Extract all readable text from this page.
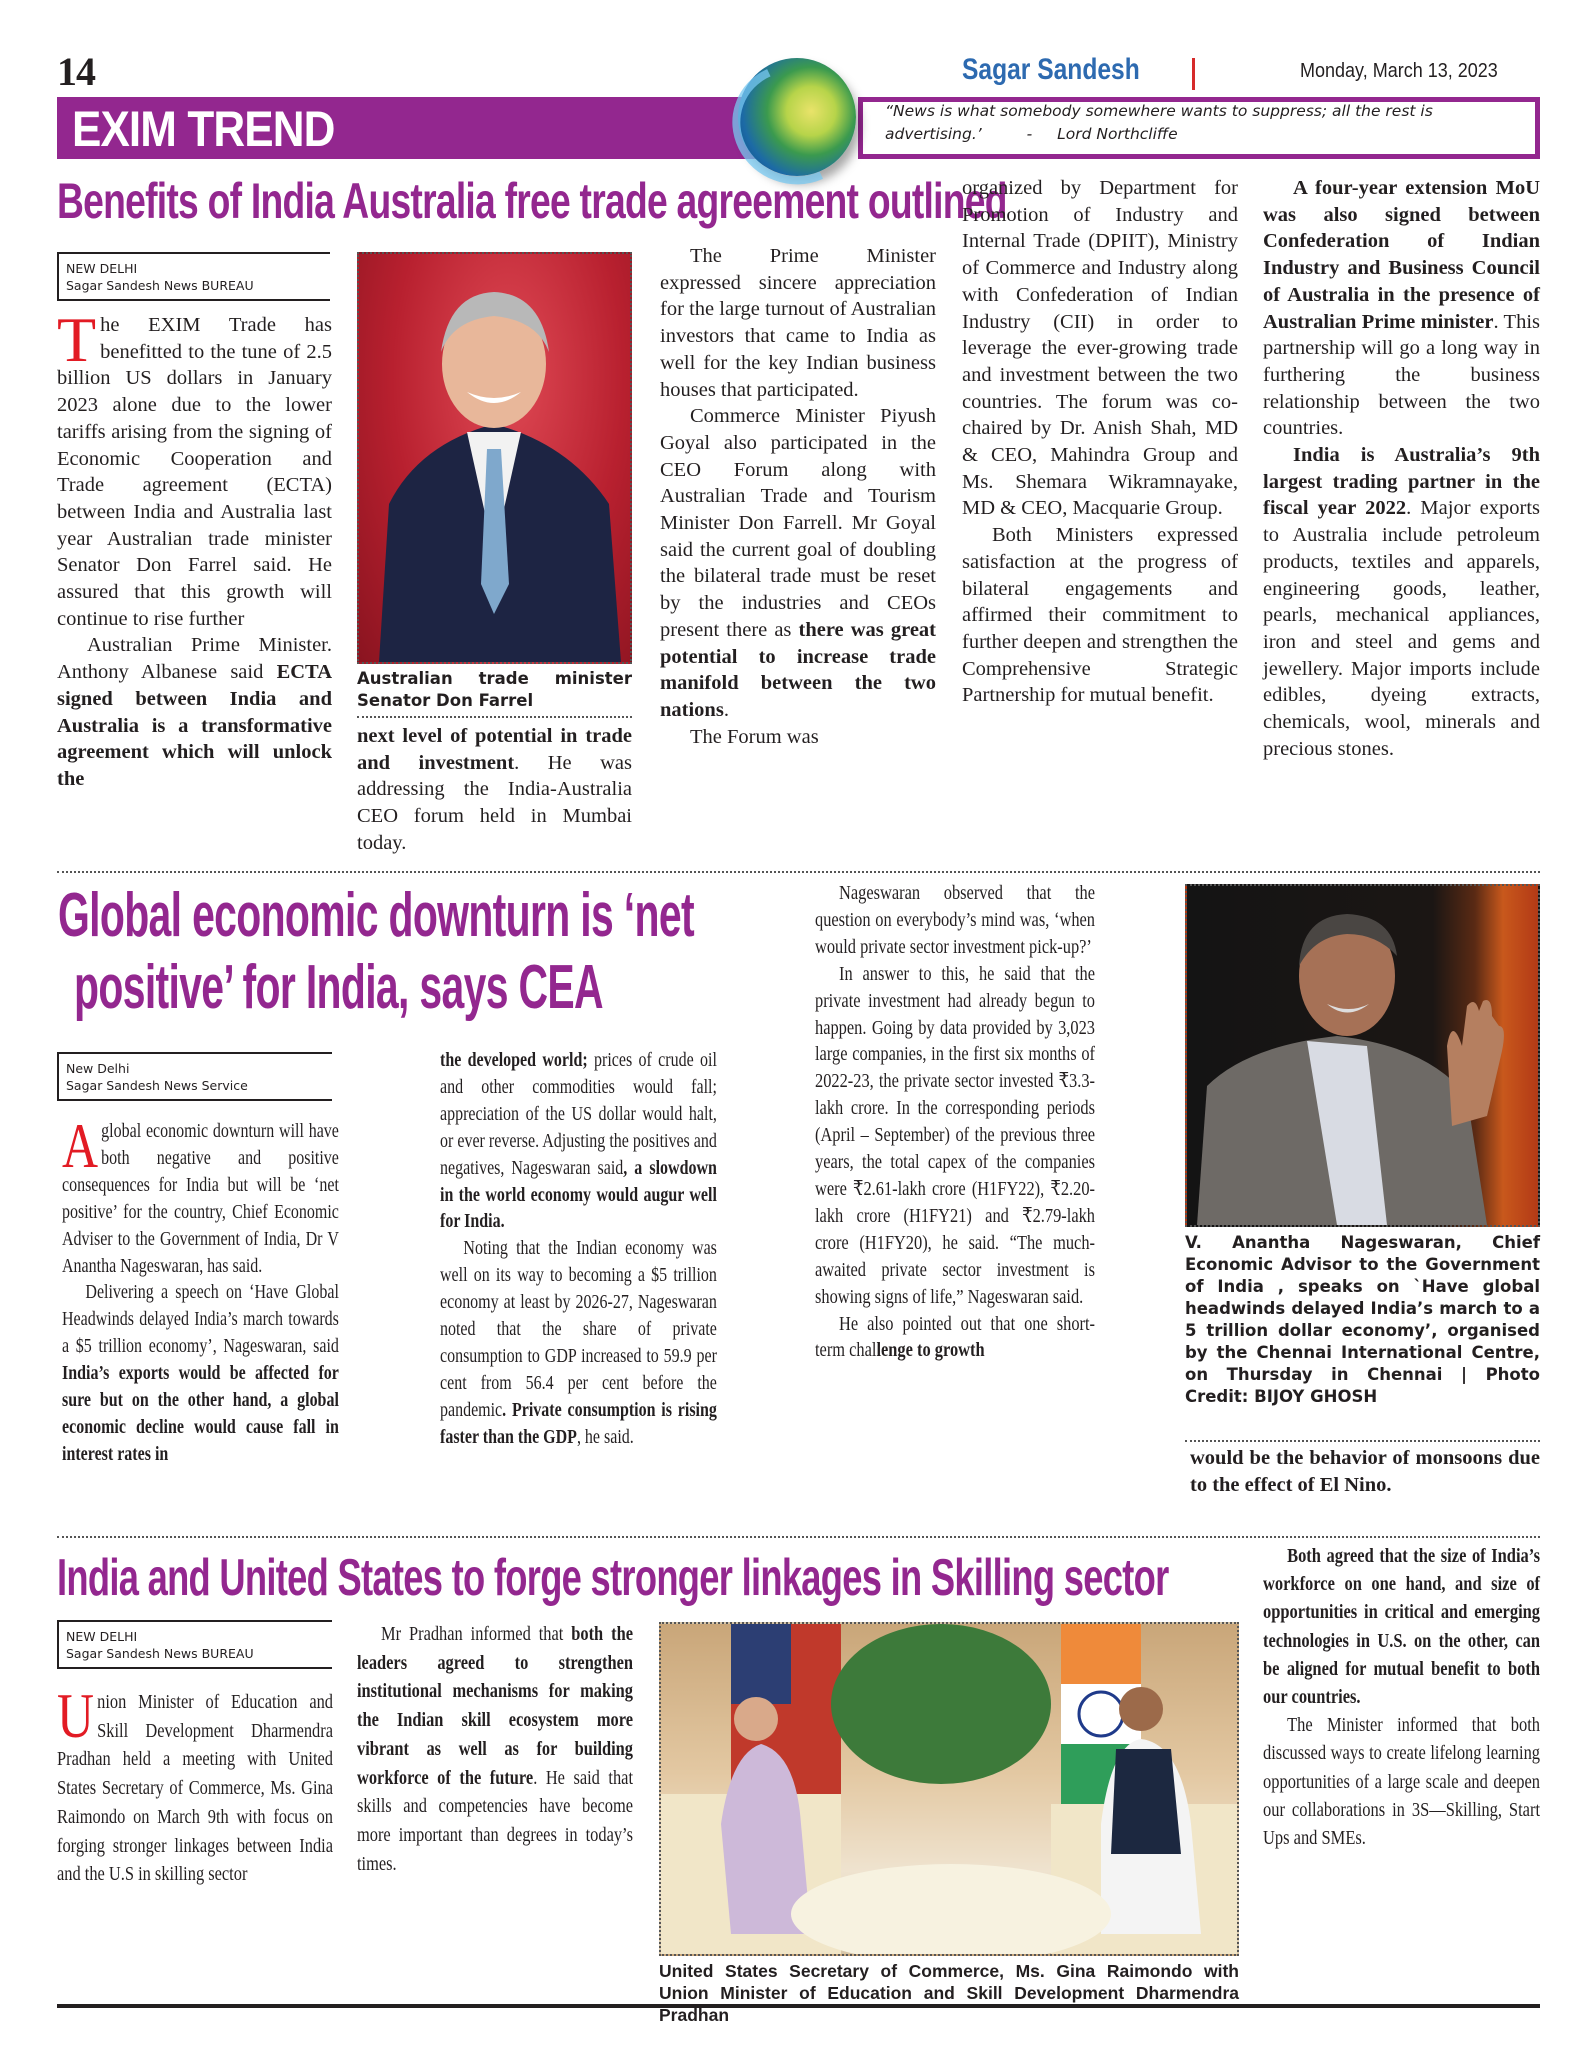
14
EXIM TREND	“News is what somebody somewhere wants to suppress; all the rest is advertising.’	- Lord Northcliffe
Sagar Sandesh	Monday, March 13, 2023
Benefits of India Australia free trade agreement outlined
NEW DELHI
Sagar Sandesh News BUREAU

The EXIM Trade has benefitted to the tune of 2.5 billion US dollars in January 2023 alone due to the lower tariffs arising from the signing of Economic Cooperation and Trade agreement (ECTA) between India and Australia last year Australian trade minister Senator Don Farrel said. He assured that this growth will continue to rise further

Australian Prime Minister. Anthony Albanese said ECTA signed between India and Australia is a transformative agreement which will unlock the

Australian trade minister Senator Don Farrel

next level of potential in trade and investment. He was addressing the India-Australia CEO forum held in Mumbai today.

The Prime Minister expressed sincere appreciation for the large turnout of Australian investors that came to India as well for the key Indian business houses that participated.

Commerce Minister Piyush Goyal also participated in the CEO Forum along with Australian Trade and Tourism Minister Don Farrell. Mr Goyal said the current goal of doubling the bilateral trade must be reset by the industries and CEOs present there as there was great potential to increase trade manifold between the two nations.

The Forum was

organized by Department for Promotion of Industry and Internal Trade (DPIIT), Ministry of Commerce and Industry along with Confederation of Indian Industry (CII) in order to leverage the ever-growing trade and investment between the two countries. The forum was co-chaired by Dr. Anish Shah, MD & CEO, Mahindra Group and Ms. Shemara Wikramnayake, MD & CEO, Macquarie Group.

Both Ministers expressed satisfaction at the progress of bilateral engagements and affirmed their commitment to further deepen and strengthen the Comprehensive Strategic Partnership for mutual benefit.

A four-year extension MoU was also signed between Confederation of Indian Industry and Business Council of Australia in the presence of Australian Prime minister. This partnership will go a long way in furthering the business relationship between the two countries.

India is Australia’s 9th largest trading partner in the fiscal year 2022. Major exports to Australia include petroleum products, textiles and apparels, engineering goods, leather, pearls, mechanical appliances, iron and steel and gems and jewellery. Major imports include edibles, dyeing extracts, chemicals, wool, minerals and precious stones.

Global economic downturn is ‘net
positive’ for India, says CEA
New Delhi
Sagar Sandesh News Service

Aglobal economic downturn will have both negative and positive consequences for India but will be ‘net positive’ for the country, Chief Economic Adviser to the Government of India, Dr V Anantha Nageswaran, has said.

Delivering a speech on ‘Have Global Headwinds delayed India’s march towards a $5 trillion economy’, Nageswaran, said India’s exports would be affected for sure but on the other hand, a global economic decline would cause fall in interest rates in

the developed world; prices of crude oil and other commodities would fall; appreciation of the US dollar would halt, or ever reverse. Adjusting the positives and negatives, Nageswaran said, a slowdown in the world economy would augur well for India.

Noting that the Indian economy was well on its way to becoming a $5 trillion economy at least by 2026-27, Nageswaran noted that the share of private consumption to GDP increased to 59.9 per cent from 56.4 per cent before the pandemic. Private consumption is rising faster than the GDP, he said.

Nageswaran observed that the question on everybody’s mind was, ‘when would private sector investment pick-up?’

In answer to this, he said that the private investment had already begun to happen. Going by data provided by 3,023 large companies, in the first six months of 2022-23, the private sector invested ₹3.3-lakh crore. In the corresponding periods (April – September) of the previous three years, the total capex of the companies were ₹2.61-lakh crore (H1FY22), ₹2.20-lakh crore (H1FY21) and ₹2.79-lakh crore (H1FY20), he said. “The much-awaited private sector investment is showing signs of life,” Nageswaran said.

He also pointed out that one short-term challenge to growth

V. Anantha Nageswaran, Chief Economic Advisor to the Government of India , speaks on `Have global headwinds delayed India’s march to a 5 trillion dollar economy’, organised by the Chennai International Centre, on Thursday in Chennai | Photo Credit: BIJOY GHOSH

would be the behavior of monsoons due to the effect of El Nino.

India and United States to forge stronger linkages in Skilling sector
NEW DELHI
Sagar Sandesh News BUREAU

Union Minister of Education and Skill Development Dharmendra Pradhan held a meeting with United States Secretary of Commerce, Ms. Gina Raimondo on March 9th with focus on forging stronger linkages between India and the U.S in skilling sector

Mr Pradhan informed that both the leaders agreed to strengthen institutional mechanisms for making the Indian skill ecosystem more vibrant as well as for building workforce of the future. He said that skills and competencies have become more important than degrees in today’s times.

United States Secretary of Commerce, Ms. Gina Raimondo with Union Minister of Education and Skill Development Dharmendra Pradhan

Both agreed that the size of India’s workforce on one hand, and size of opportunities in critical and emerging technologies in U.S. on the other, can be aligned for mutual benefit to both our countries.

The Minister informed that both discussed ways to create lifelong learning opportunities of a large scale and deepen our collaborations in 3S—Skilling, Start Ups and SMEs.
